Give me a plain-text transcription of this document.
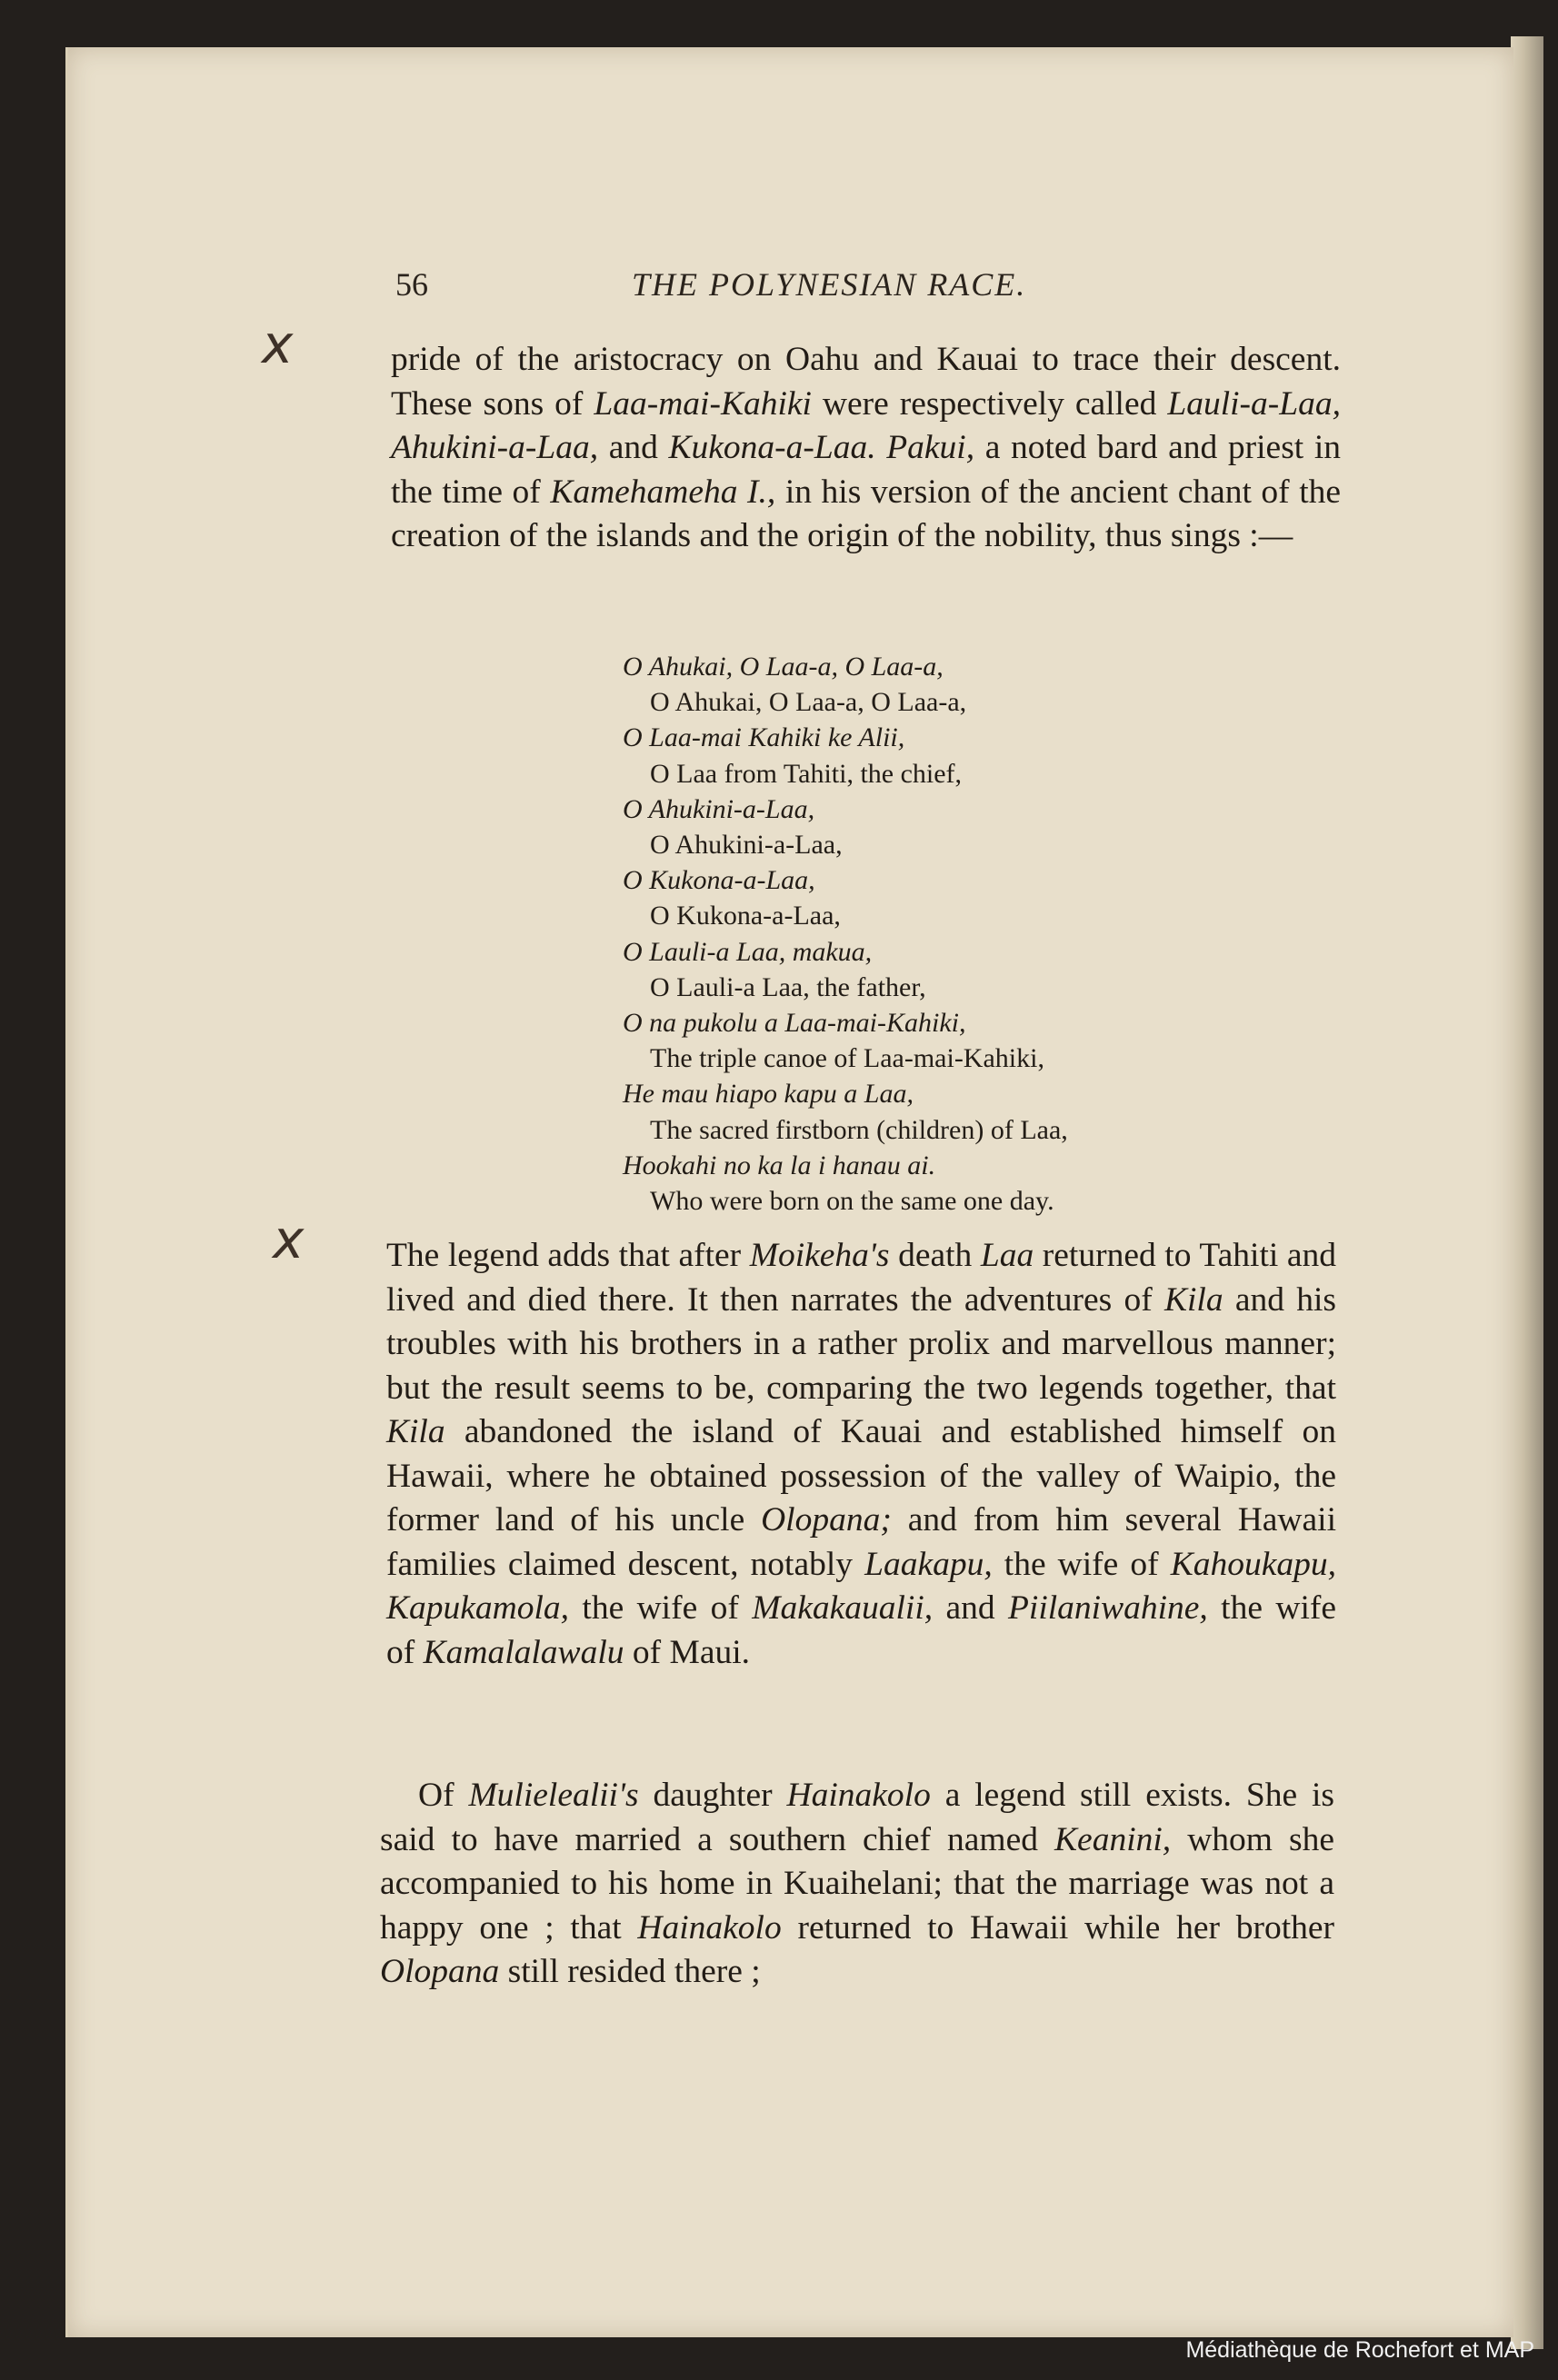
56	THE POLYNESIAN RACE.
x
x

pride of the aristocracy on Oahu and Kauai to trace their descent. These sons of Laa-mai-Kahiki were respectively called Lauli-a-Laa, Ahukini-a-Laa, and Kukona-a-Laa. Pakui, a noted bard and priest in the time of Kamehameha I., in his version of the ancient chant of the creation of the islands and the origin of the nobility, thus sings :—

O Ahukai, O Laa-a, O Laa-a,
O Ahukai, O Laa-a, O Laa-a,
O Laa-mai Kahiki ke Alii,
O Laa from Tahiti, the chief,
O Ahukini-a-Laa,
O Ahukini-a-Laa,
O Kukona-a-Laa,
O Kukona-a-Laa,
O Lauli-a Laa, makua,
O Lauli-a Laa, the father,
O na pukolu a Laa-mai-Kahiki,
The triple canoe of Laa-mai-Kahiki,
He mau hiapo kapu a Laa,
The sacred firstborn (children) of Laa,
Hookahi no ka la i hanau ai.
Who were born on the same one day.

The legend adds that after Moikeha's death Laa returned to Tahiti and lived and died there. It then narrates the adventures of Kila and his troubles with his brothers in a rather prolix and marvellous manner; but the result seems to be, comparing the two legends together, that Kila abandoned the island of Kauai and established himself on Hawaii, where he obtained possession of the valley of Waipio, the former land of his uncle Olopana; and from him several Hawaii families claimed descent, notably Laakapu, the wife of Kahoukapu, Kapukamola, the wife of Makakaualii, and Piilaniwahine, the wife of Kamalalawalu of Maui.

Of Mulielealii's daughter Hainakolo a legend still exists. She is said to have married a southern chief named Keanini, whom she accompanied to his home in Kuaihelani; that the marriage was not a happy one ; that Hainakolo returned to Hawaii while her brother Olopana still resided there ;

Médiathèque de Rochefort et MAP
